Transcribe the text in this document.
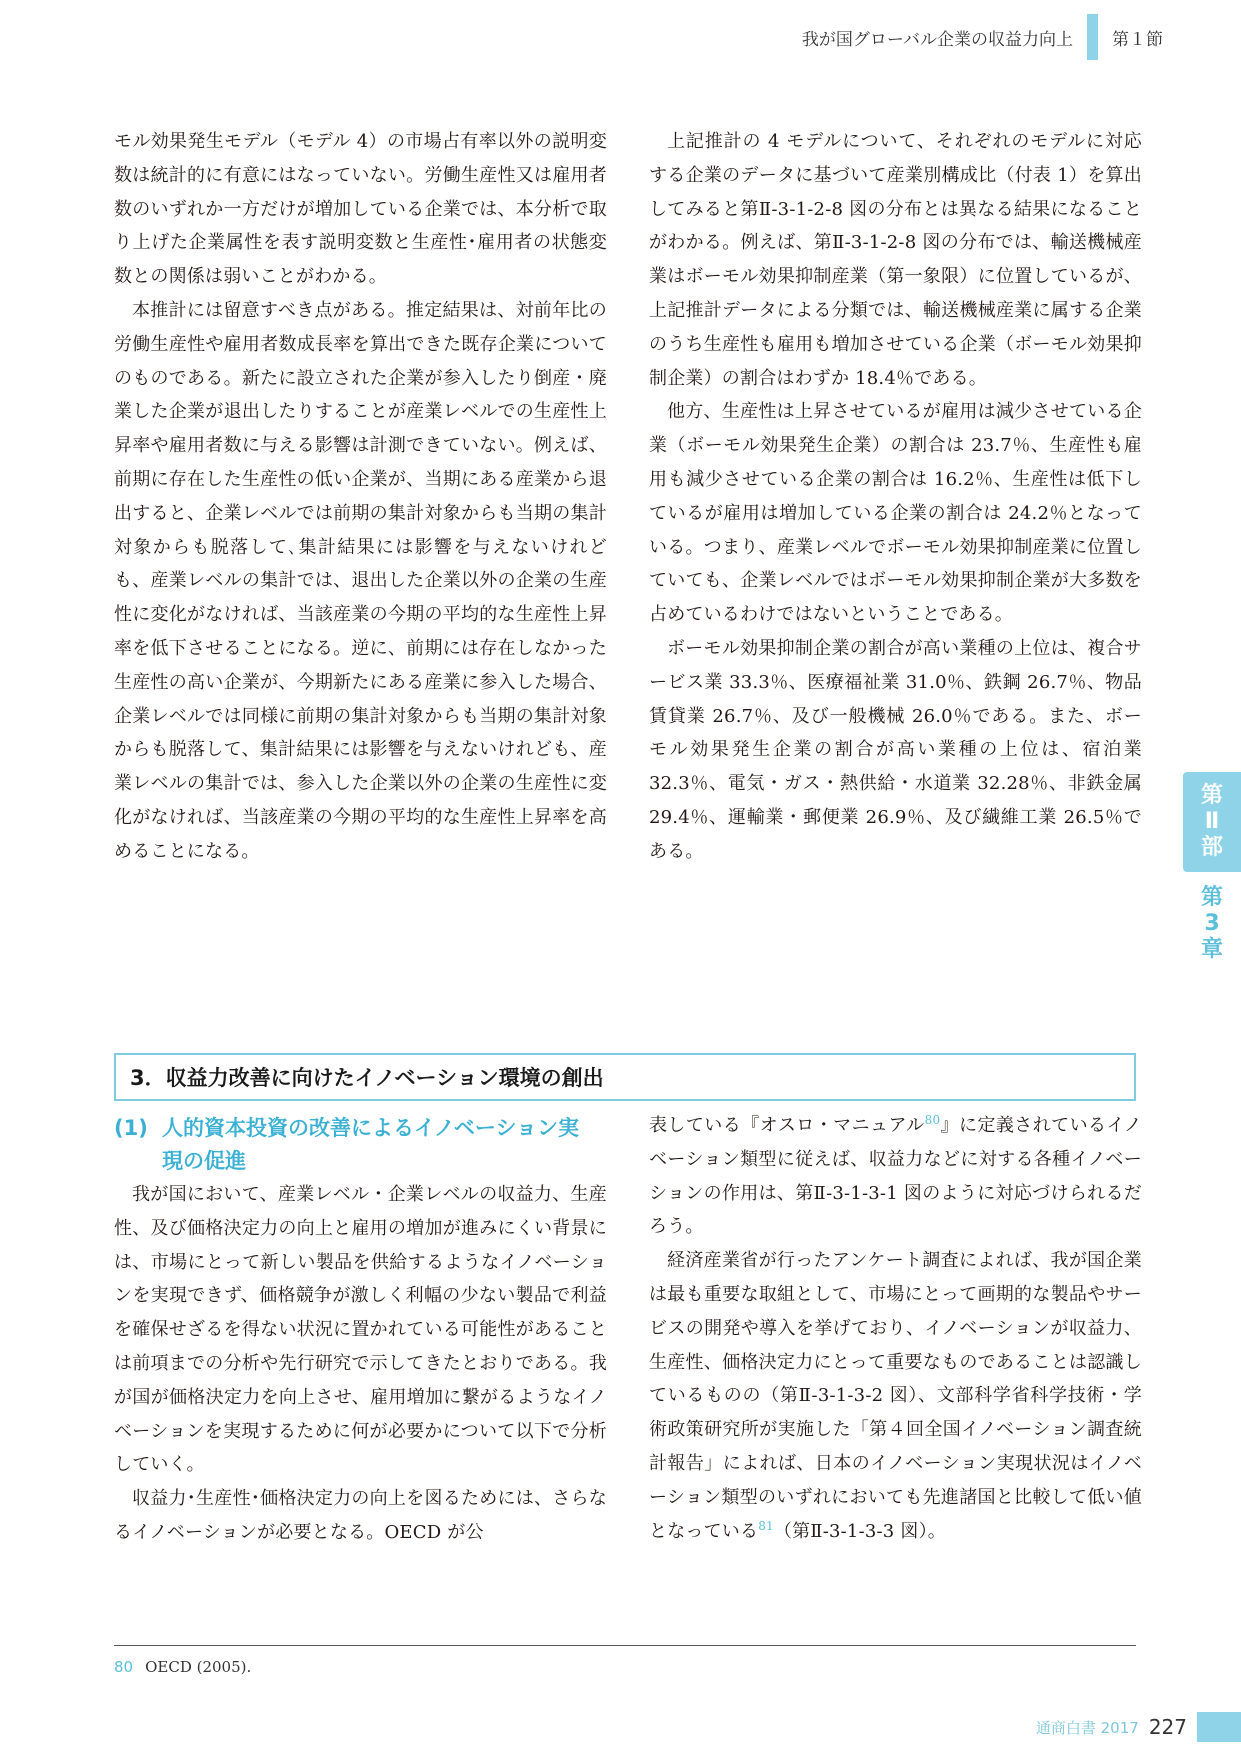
我が国グローバル企業の収益力向上 第１節

モル効果発生モデル（モデル 4）の市場占有率以外の説明変数は統計的に有意にはなっていない。労働生産性又は雇用者数のいずれか一方だけが増加している企業では、本分析で取り上げた企業属性を表す説明変数と生産性･雇用者の状態変数との関係は弱いことがわかる。

本推計には留意すべき点がある。推定結果は、対前年比の労働生産性や雇用者数成長率を算出できた既存企業についてのものである。新たに設立された企業が参入したり倒産・廃業した企業が退出したりすることが産業レベルでの生産性上昇率や雇用者数に与える影響は計測できていない。例えば、前期に存在した生産性の低い企業が、当期にある産業から退出すると、企業レベルでは前期の集計対象からも当期の集計対象からも脱落して､集計結果には影響を与えないけれども、産業レベルの集計では、退出した企業以外の企業の生産性に変化がなければ、当該産業の今期の平均的な生産性上昇率を低下させることになる。逆に、前期には存在しなかった生産性の高い企業が、今期新たにある産業に参入した場合、企業レベルでは同様に前期の集計対象からも当期の集計対象からも脱落して、集計結果には影響を与えないけれども、産業レベルの集計では、参入した企業以外の企業の生産性に変化がなければ、当該産業の今期の平均的な生産性上昇率を高めることになる。

上記推計の 4 モデルについて、それぞれのモデルに対応する企業のデータに基づいて産業別構成比（付表 1）を算出してみると第Ⅱ-3-1-2-8 図の分布とは異なる結果になることがわかる。例えば、第Ⅱ-3-1-2-8 図の分布では、輸送機械産業はボーモル効果抑制産業（第一象限）に位置しているが、上記推計データによる分類では、輸送機械産業に属する企業のうち生産性も雇用も増加させている企業（ボーモル効果抑制企業）の割合はわずか 18.4％である。

他方、生産性は上昇させているが雇用は減少させている企業（ボーモル効果発生企業）の割合は 23.7％、生産性も雇用も減少させている企業の割合は 16.2％、生産性は低下しているが雇用は増加している企業の割合は 24.2％となっている。つまり、産業レベルでボーモル効果抑制産業に位置していても、企業レベルではボーモル効果抑制企業が大多数を占めているわけではないということである。

ボーモル効果抑制企業の割合が高い業種の上位は、複合サービス業 33.3％、医療福祉業 31.0％、鉄鋼 26.7％、物品賃貸業 26.7％、及び一般機械 26.0％である。また、ボーモル効果発生企業の割合が高い業種の上位は、宿泊業 32.3％、電気・ガス・熱供給・水道業 32.28％、非鉄金属 29.4％、運輸業・郵便業 26.9％、及び繊維工業 26.5％である。

第
Ⅱ
部
第
3
章
3．収益力改善に向けたイノベーション環境の創出
(1) 人的資本投資の改善によるイノベーション実
現の促進

我が国において、産業レベル・企業レベルの収益力、生産性、及び価格決定力の向上と雇用の増加が進みにくい背景には、市場にとって新しい製品を供給するようなイノベーションを実現できず、価格競争が激しく利幅の少ない製品で利益を確保せざるを得ない状況に置かれている可能性があることは前項までの分析や先行研究で示してきたとおりである。我が国が価格決定力を向上させ、雇用増加に繋がるようなイノベーションを実現するために何が必要かについて以下で分析していく。

収益力･生産性･価格決定力の向上を図るためには、さらなるイノベーションが必要となる。OECD が公

表している『オスロ・マニュアル$^{80}$』に定義されているイノベーション類型に従えば、収益力などに対する各種イノベーションの作用は、第Ⅱ-3-1-3-1 図のように対応づけられるだろう。

経済産業省が行ったアンケート調査によれば、我が国企業は最も重要な取組として、市場にとって画期的な製品やサービスの開発や導入を挙げており、イノベーションが収益力、生産性、価格決定力にとって重要なものであることは認識しているものの（第Ⅱ-3-1-3-2 図）、文部科学省科学技術・学術政策研究所が実施した「第４回全国イノベーション調査統計報告」によれば、日本のイノベーション実現状況はイノベーション類型のいずれにおいても先進諸国と比較して低い値となっている$^{81}$（第Ⅱ-3-1-3-3 図）。

80 OECD (2005).
通商白書 2017 227
